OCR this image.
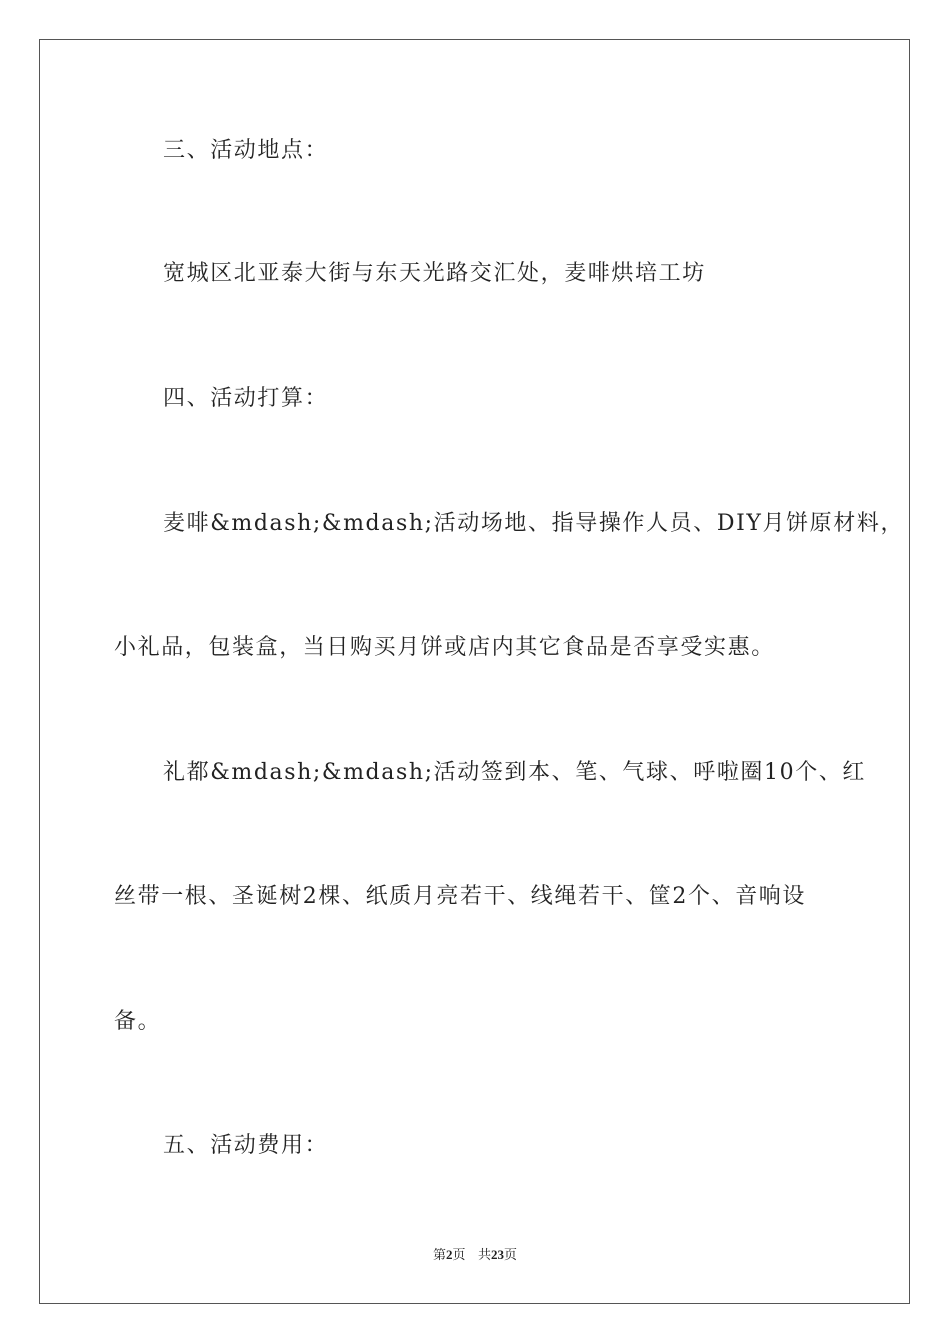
三、活动地点：
宽城区北亚泰大街与东天光路交汇处，麦啡烘培工坊
四、活动打算：
麦啡&mdash;&mdash;活动场地、指导操作人员、DIY月饼原材料，
小礼品，包装盒，当日购买月饼或店内其它食品是否享受实惠。
礼都&mdash;&mdash;活动签到本、笔、气球、呼啦圈10个、红
丝带一根、圣诞树2棵、纸质月亮若干、线绳若干、筐2个、音响设
备。
五、活动费用：
第2页 共23页
